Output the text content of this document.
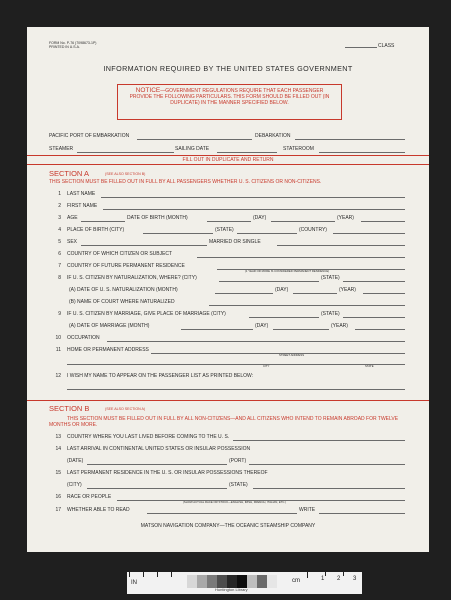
FORM No. P-76 (7098673-1P)
PRINTED IN U.S.A.	CLASS
INFORMATION REQUIRED BY THE UNITED STATES GOVERNMENT
NOTICE—GOVERNMENT REGULATIONS REQUIRE THAT EACH PASSENGER PROVIDE THE FOLLOWING PARTICULARS. THIS FORM SHOULD BE FILLED OUT (IN DUPLICATE) IN THE MANNER SPECIFIED BELOW.
PACIFIC PORT OF EMBARKATION	DEBARKATION
STEAMER	SAILING DATE	STATEROOM
FILL OUT IN DUPLICATE AND RETURN
SECTION A	(SEE ALSO SECTION B)
THIS SECTION MUST BE FILLED OUT IN FULL BY ALL PASSENGERS WHETHER U. S. CITIZENS OR NON-CITIZENS.
1 LAST NAME
2 FIRST NAME
3 AGE	DATE OF BIRTH (MONTH)	(DAY)	(YEAR)
4 PLACE OF BIRTH (CITY)	(STATE)	(COUNTRY)
5 SEX	MARRIED OR SINGLE
6 COUNTRY OF WHICH CITIZEN OR SUBJECT
7 COUNTRY OF FUTURE PERMANENT RESIDENCE
(1 YEAR OR MORE IS CONSIDERED PERMANENT RESIDENCE)
8 IF U. S. CITIZEN BY NATURALIZATION, WHERE? (CITY)	(STATE)
(A) DATE OF U. S. NATURALIZATION (MONTH)	(DAY)	(YEAR)
(B) NAME OF COURT WHERE NATURALIZED
9 IF U. S. CITIZEN BY MARRIAGE, GIVE PLACE OF MARRIAGE (CITY)	(STATE)
(A) DATE OF MARRIAGE (MONTH)	(DAY)	(YEAR)
10 OCCUPATION
11 HOME OR PERMANENT ADDRESS
STREET ADDRESS
CITY	STATE
12 I WISH MY NAME TO APPEAR ON THE PASSENGER LIST AS PRINTED BELOW:
SECTION B	(SEE ALSO SECTION A)
THIS SECTION MUST BE FILLED OUT IN FULL BY ALL NON-CITIZENS—AND ALL CITIZENS WHO INTEND TO REMAIN ABROAD FOR TWELVE MONTHS OR MORE.
13 COUNTRY WHERE YOU LAST LIVED BEFORE COMING TO THE U. S.
14 LAST ARRIVAL IN CONTINENTAL UNITED STATES OR INSULAR POSSESSION
(DATE)	(PORT)
15 LAST PERMANENT RESIDENCE IN THE U. S. OR INSULAR POSSESSIONS THEREOF
(CITY)	(STATE)
16 RACE OR PEOPLE
(SHOW ACTUAL RACE OR STOCK—ENGLISH, IRISH, FRENCH, ITALIAN, ETC.)
17 WHETHER ABLE TO READ	WRITE
MATSON NAVIGATION COMPANY—THE OCEANIC STEAMSHIP COMPANY
IN	cm	1 2 3
Huntington Library
